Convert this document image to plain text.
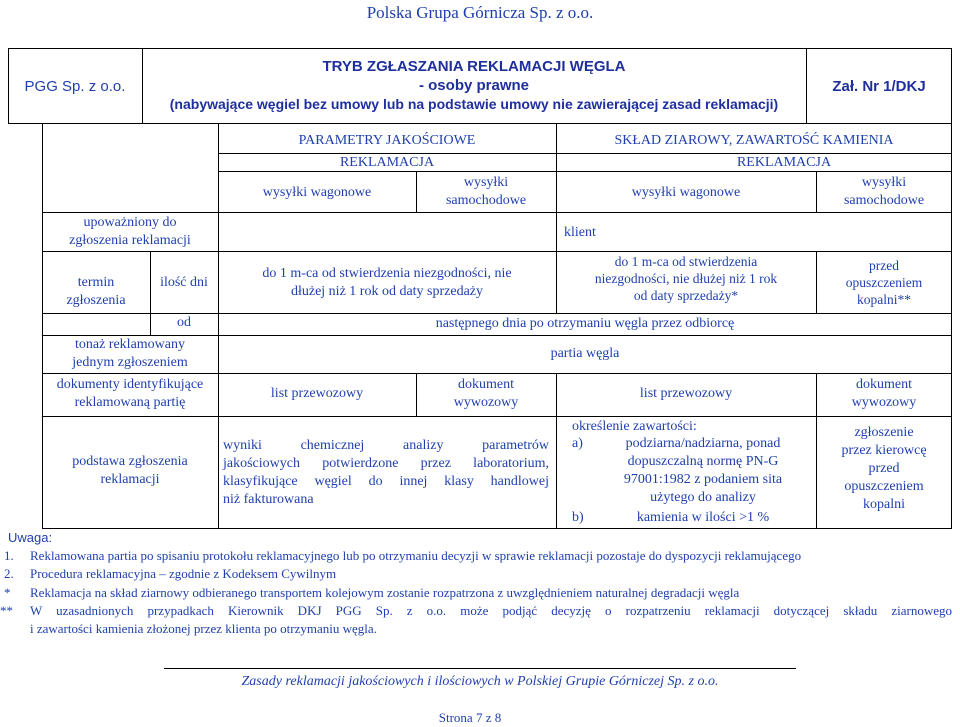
Polska Grupa Górnicza Sp. z o.o.
PGG Sp. z o.o.
TRYB ZGŁASZANIA REKLAMACJI WĘGLA
- osoby prawne
(nabywające węgiel bez umowy lub na podstawie umowy nie zawierającej zasad reklamacji)
Zał. Nr 1/DKJ
upoważniony do
zgłoszenia reklamacji
termin
zgłoszenia
ilość dni
od
tonaż reklamowany
jednym zgłoszeniem
dokumenty identyfikujące
reklamowaną partię
podstawa zgłoszenia
reklamacji
PARAMETRY JAKOŚCIOWE
REKLAMACJA
wysyłki wagonowe
wysyłki
samochodowe
do 1 m-ca od stwierdzenia niezgodności, nie
dłużej niż 1 rok od daty sprzedaży
list przewozowy
dokument
wywozowy
wyniki chemicznej analizy parametrów
jakościowych potwierdzone przez laboratorium,
klasyfikujące węgiel do innej klasy handlowej
niż fakturowana
SKŁAD ZIAROWY, ZAWARTOŚĆ KAMIENIA
REKLAMACJA
wysyłki wagonowe
wysyłki
samochodowe
klient
do 1 m-ca od stwierdzenia
niezgodności, nie dłużej niż 1 rok
od daty sprzedaży*
przed
opuszczeniem
kopalni**
list przewozowy
dokument
wywozowy
określenie zawartości:
a)	podziarna/nadziarna, ponad
dopuszczalną normę PN-G
97001:1982 z podaniem sita
użytego do analizy
b)	kamienia w ilości >1 %
zgłoszenie
przez kierowcę
przed
opuszczeniem
kopalni
następnego dnia po otrzymaniu węgla przez odbiorcę
partia węgla
Uwaga:
1. Reklamowana partia po spisaniu protokołu reklamacyjnego lub po otrzymaniu decyzji w sprawie reklamacji pozostaje do dyspozycji reklamującego
2. Procedura reklamacyjna – zgodnie z Kodeksem Cywilnym
* Reklamacja na skład ziarnowy odbieranego transportem kolejowym zostanie rozpatrzona z uwzględnieniem naturalnej degradacji węgla
** W uzasadnionych przypadkach Kierownik DKJ PGG Sp. z o.o. może podjąć decyzję o rozpatrzeniu reklamacji dotyczącej składu ziarnowego
i zawartości kamienia złożonej przez klienta po otrzymaniu węgla.
Zasady reklamacji jakościowych i ilościowych w Polskiej Grupie Górniczej Sp. z o.o.
Strona 7 z 8
